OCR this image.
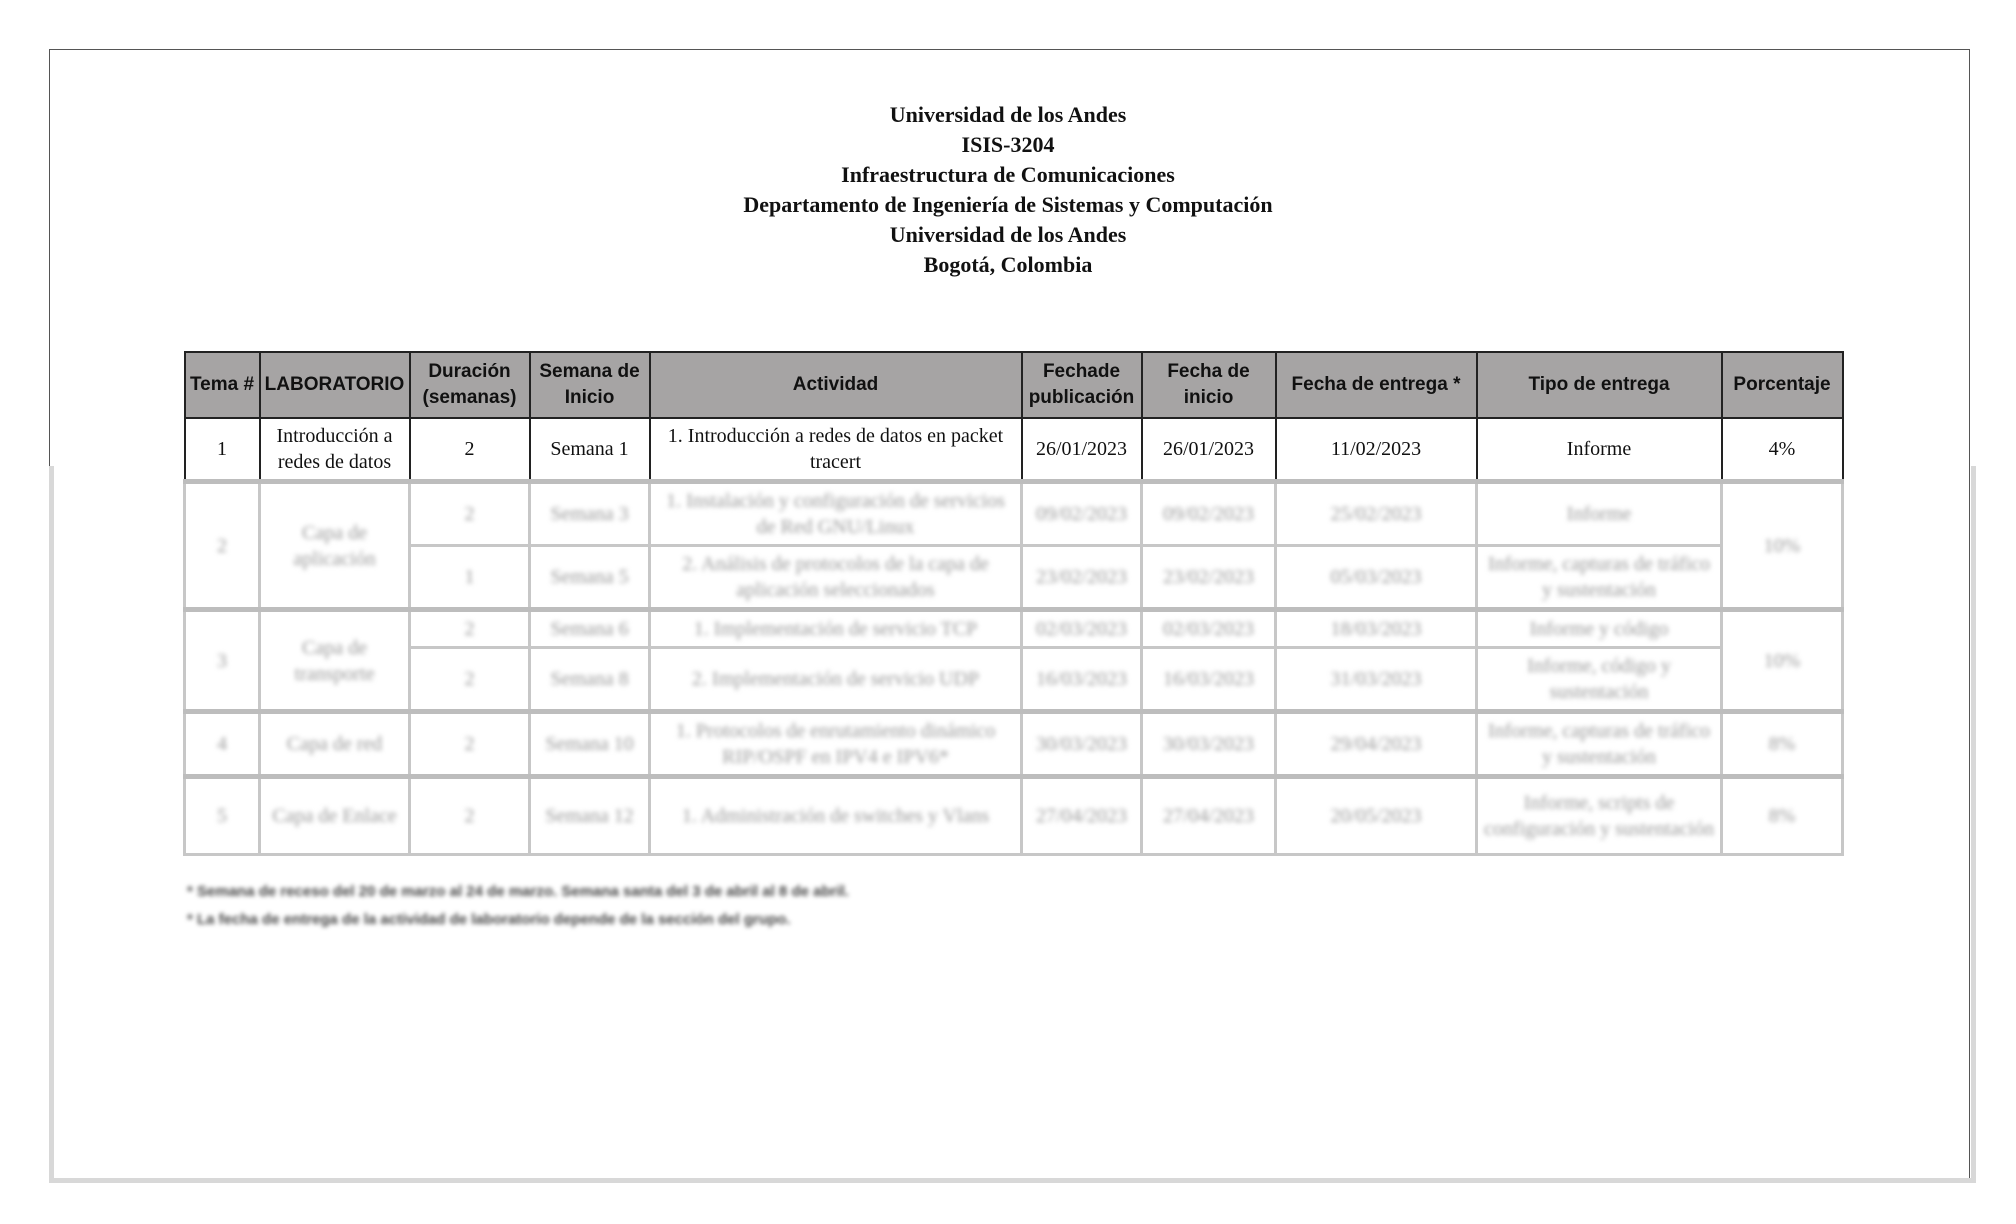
Universidad de los Andes
ISIS-3204
Infraestructura de Comunicaciones
Departamento de Ingeniería de Sistemas y Computación
Universidad de los Andes
Bogotá, Colombia
Tema #	LABORATORIO	Duración (semanas)	Semana de Inicio	Actividad	Fechade publicación	Fecha de inicio	Fecha de entrega *	Tipo de entrega	Porcentaje
1	Introducción a redes de datos	2	Semana 1	1. Introducción a redes de datos en packet tracert	26/01/2023	26/01/2023	11/02/2023	Informe	4%
2	Capa de aplicación	2	Semana 3	1. Instalación y configuración de servicios de Red GNU/Linux	09/02/2023	09/02/2023	25/02/2023	Informe	10%
		1	Semana 5	2. Análisis de protocolos de la capa de aplicación seleccionados	23/02/2023	23/02/2023	05/03/2023	Informe, capturas de tráfico y sustentación	
3	Capa de transporte	2	Semana 6	1. Implementación de servicio TCP	02/03/2023	02/03/2023	18/03/2023	Informe y código	10%
		2	Semana 8	2. Implementación de servicio UDP	16/03/2023	16/03/2023	31/03/2023	Informe, código y sustentación	
4	Capa de red	2	Semana 10	1. Protocolos de enrutamiento dinámico RIP/OSPF en IPV4 e IPV6*	30/03/2023	30/03/2023	29/04/2023	Informe, capturas de tráfico y sustentación	8%
5	Capa de Enlace	2	Semana 12	1. Administración de switches y Vlans	27/04/2023	27/04/2023	20/05/2023	Informe, scripts de configuración y sustentación	8%
* Semana de receso del 20 de marzo al 24 de marzo. Semana santa del 3 de abril al 8 de abril.
* La fecha de entrega de la actividad de laboratorio depende de la sección del grupo.
